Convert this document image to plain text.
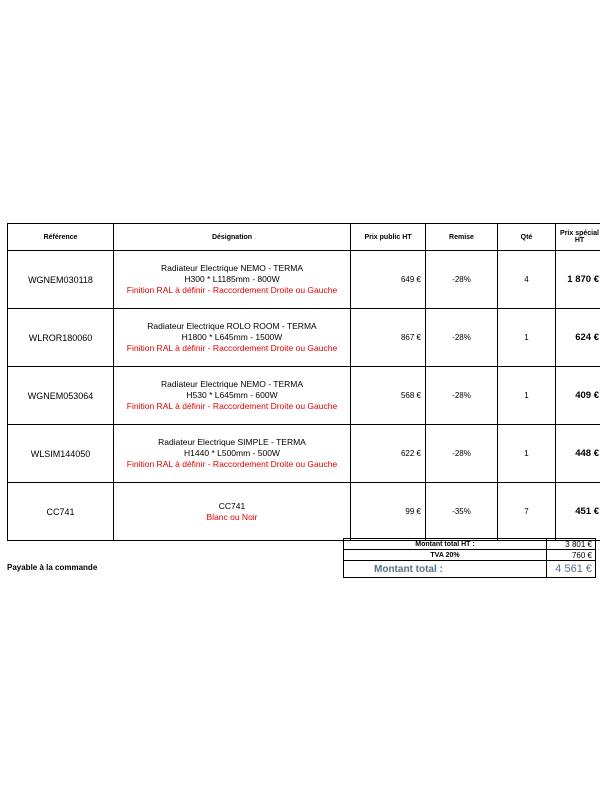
Référence	Désignation	Prix public HT	Remise	Qté	Prix spécial HT
WGNEM030118	Radiateur Electrique NEMO - TERMA
H300 * L1185mm - 800W
Finition RAL à définir - Raccordement Droite ou Gauche	649 €	-28%	4	1 870 €
WLROR180060	Radiateur Electrique ROLO ROOM - TERMA
H1800 * L645mm - 1500W
Finition RAL à définir - Raccordement Droite ou Gauche	867 €	-28%	1	624 €
WGNEM053064	Radiateur Electrique NEMO - TERMA
H530 * L645mm - 600W
Finition RAL à définir - Raccordement Droite ou Gauche	568 €	-28%	1	409 €
WLSIM144050	Radiateur Electrique SIMPLE - TERMA
H1440 * L500mm - 500W
Finition RAL à définir - Raccordement Droite ou Gauche	622 €	-28%	1	448 €
CC741	CC741
Blanc ou Noir	99 €	-35%	7	451 €
Montant total HT :	3 801 €
TVA 20%	760 €
Montant total :	4 561 €
Payable à la commande
